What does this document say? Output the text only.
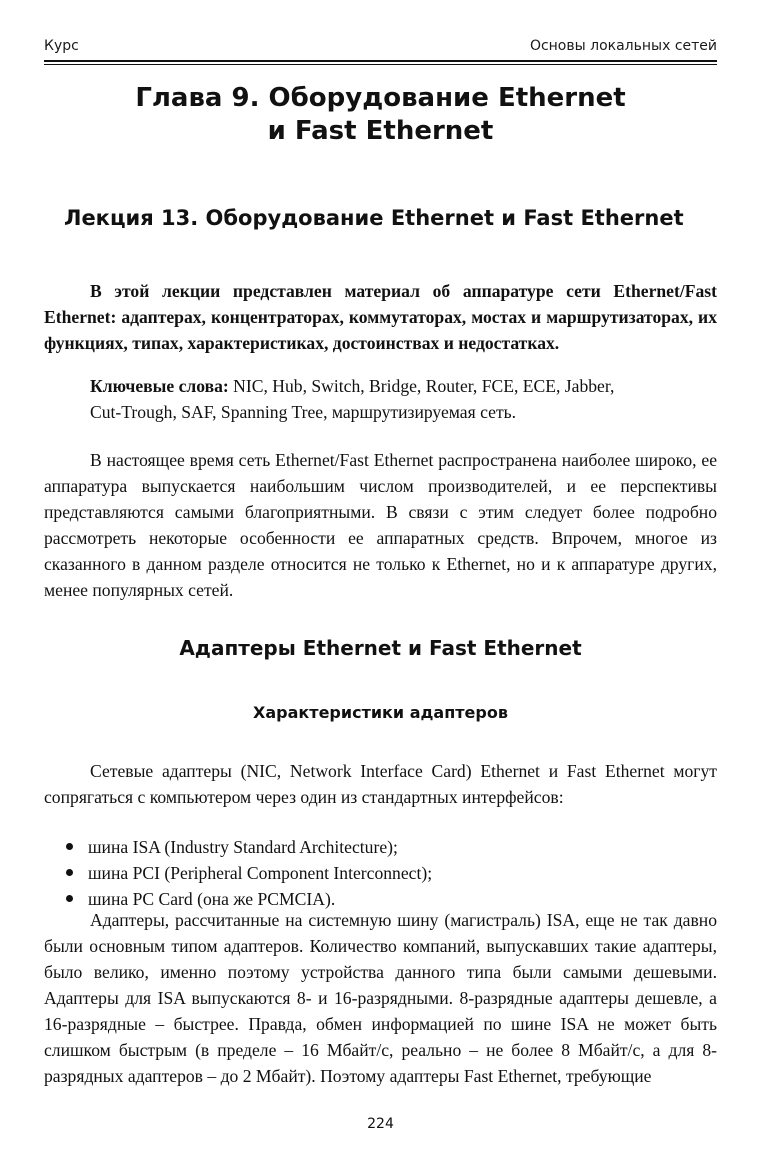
Курс	Основы локальных сетей
Глава 9. Оборудование Ethernet
и Fast Ethernet
Лекция 13. Оборудование Ethernet и Fast Ethernet

В этой лекции представлен материал об аппаратуре сети Ethernet/Fast Ethernet: адаптерах, концентраторах, коммутаторах, мостах и маршрутизаторах, их функциях, типах, характеристиках, достоинствах и недостатках.

Ключевые слова: NIC, Hub, Switch, Bridge, Router, FCE, ECE, Jabber,
Cut-Trough, SAF, Spanning Tree, маршрутизируемая сеть.

В настоящее время сеть Ethernet/Fast Ethernet распространена наиболее широко, ее аппаратура выпускается наибольшим числом производителей, и ее перспективы представляются самыми благоприятными. В связи с этим следует более подробно рассмотреть некоторые особенности ее аппаратных средств. Впрочем, многое из сказанного в данном разделе относится не только к Ethernet, но и к аппаратуре других, менее популярных сетей.

Адаптеры Ethernet и Fast Ethernet
Характеристики адаптеров

Сетевые адаптеры (NIC, Network Interface Card) Ethernet и Fast Ethernet могут сопрягаться с компьютером через один из стандартных интерфейсов:

шина ISA (Industry Standard Architecture);
шина PCI (Peripheral Component Interconnect);
шина PC Card (она же PCMCIA).

Адаптеры, рассчитанные на системную шину (магистраль) ISA, еще не так давно были основным типом адаптеров. Количество компаний, выпускавших такие адаптеры, было велико, именно поэтому устройства данного типа были самыми дешевыми. Адаптеры для ISA выпускаются 8- и 16-разрядными. 8-разрядные адаптеры дешевле, а 16-разрядные – быстрее. Правда, обмен информацией по шине ISA не может быть слишком быстрым (в пределе – 16 Мбайт/с, реально – не более 8 Мбайт/с, а для 8-разрядных адаптеров – до 2 Мбайт). Поэтому адаптеры Fast Ethernet, требующие

224
